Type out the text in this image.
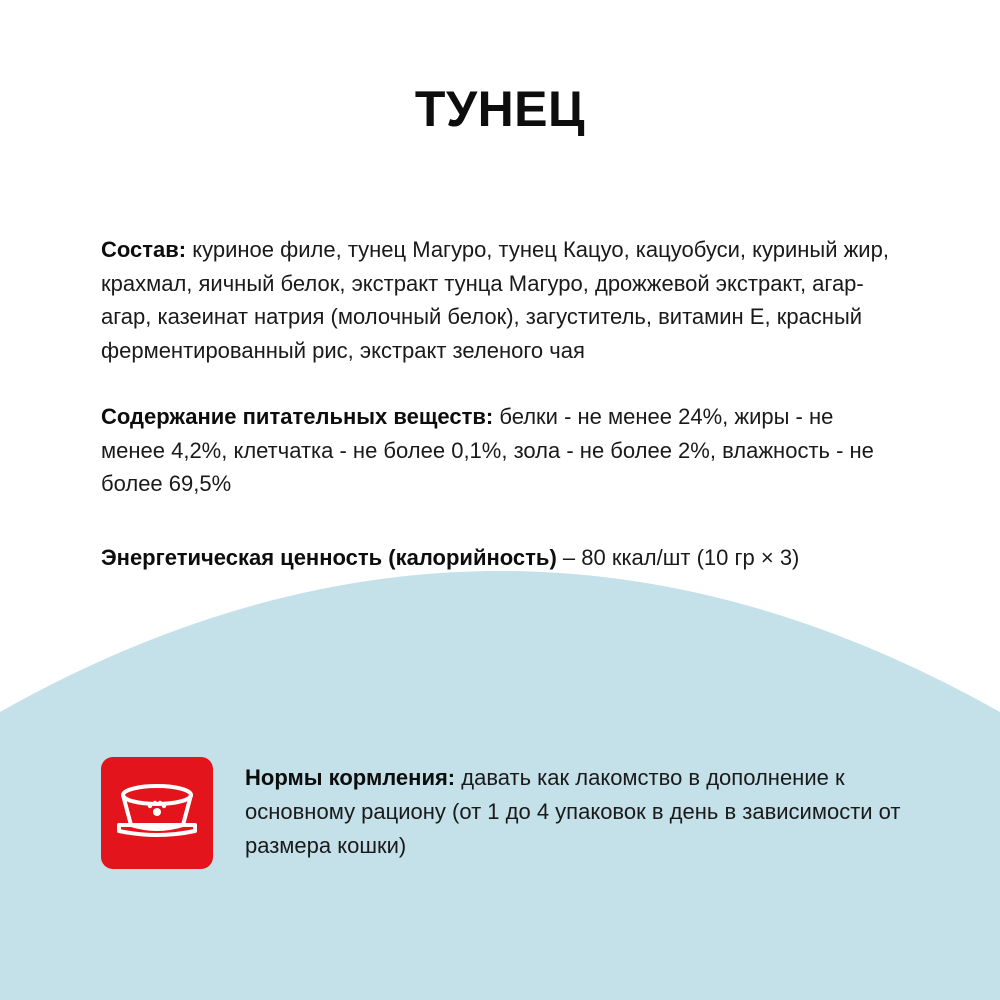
ТУНЕЦ

Состав: куриное филе, тунец Магуро, тунец Кацуо, кацуобуси, куриный жир, крахмал, яичный белок, экстракт тунца Магуро, дрожжевой экстракт, агар-агар, казеинат натрия (молочный белок), загуститель, витамин Е, красный ферментированный рис, экстракт зеленого чая

Содержание питательных веществ: белки - не менее 24%, жиры - не менее 4,2%, клетчатка - не более 0,1%, зола - не более 2%, влажность - не более 69,5%

Энергетическая ценность (калорийность) – 80 ккал/шт (10 гр × 3)

Нормы кормления: давать как лакомство в дополнение к основному рациону (от 1 до 4 упаковок в день в зависимости от размера кошки)
